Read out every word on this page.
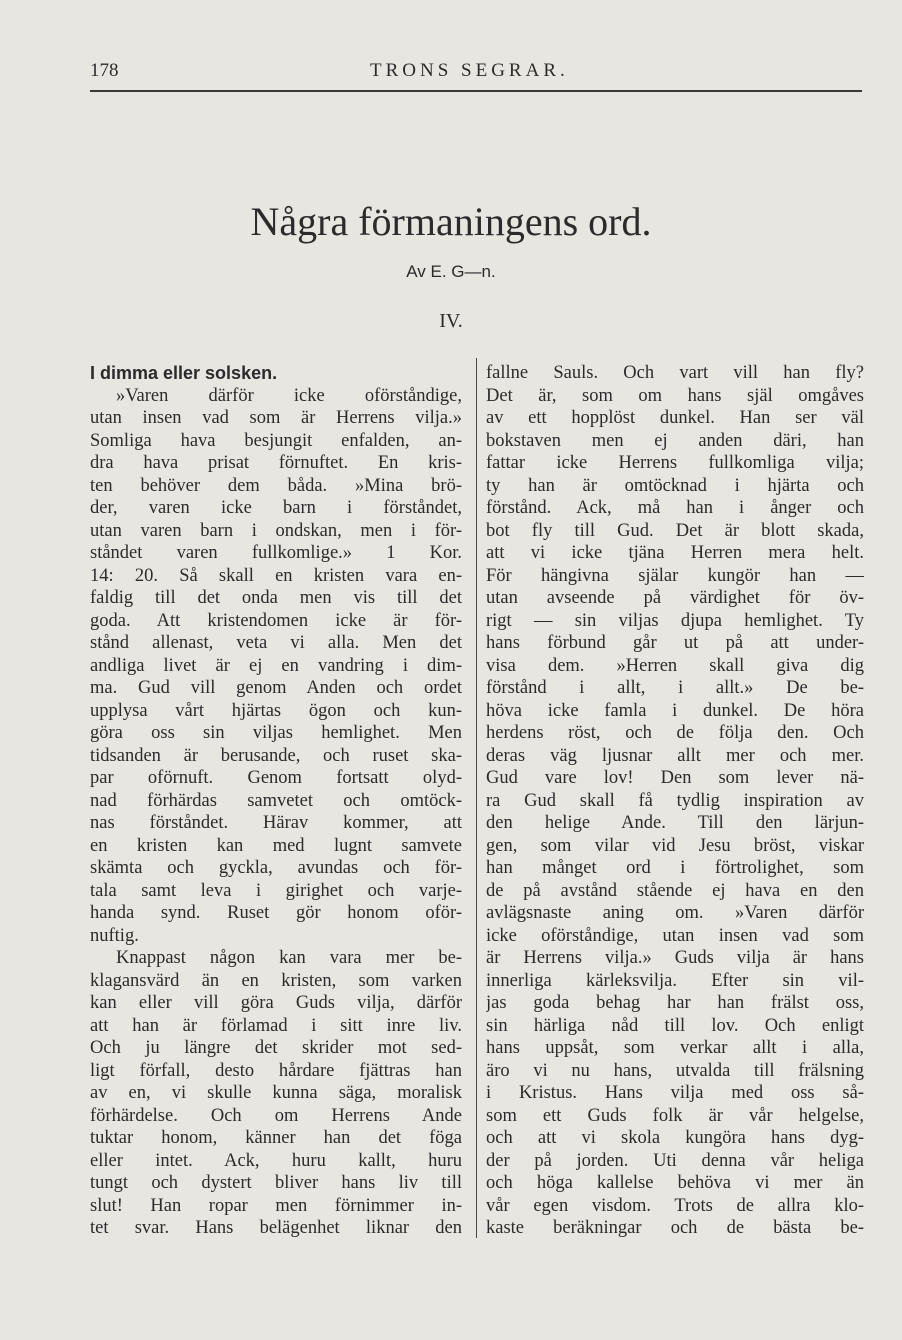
178	TRONS SEGRAR.
Några förmaningens ord.
Av E. G—n.
IV.
I dimma eller solsken.
»Varen därför icke oförståndige,
utan insen vad som är Herrens vilja.»
Somliga hava besjungit enfalden, an-
dra hava prisat förnuftet. En kris-
ten behöver dem båda. »Mina brö-
der, varen icke barn i förståndet,
utan varen barn i ondskan, men i för-
ståndet varen fullkomlige.» 1 Kor.
14: 20. Så skall en kristen vara en-
faldig till det onda men vis till det
goda. Att kristendomen icke är för-
stånd allenast, veta vi alla. Men det
andliga livet är ej en vandring i dim-
ma. Gud vill genom Anden och ordet
upplysa vårt hjärtas ögon och kun-
göra oss sin viljas hemlighet. Men
tidsanden är berusande, och ruset ska-
par oförnuft. Genom fortsatt olyd-
nad förhärdas samvetet och omtöck-
nas förståndet. Härav kommer, att
en kristen kan med lugnt samvete
skämta och gyckla, avundas och för-
tala samt leva i girighet och varje-
handa synd. Ruset gör honom oför-
nuftig.
Knappast någon kan vara mer be-
klagansvärd än en kristen, som varken
kan eller vill göra Guds vilja, därför
att han är förlamad i sitt inre liv.
Och ju längre det skrider mot sed-
ligt förfall, desto hårdare fjättras han
av en, vi skulle kunna säga, moralisk
förhärdelse. Och om Herrens Ande
tuktar honom, känner han det föga
eller intet. Ack, huru kallt, huru
tungt och dystert bliver hans liv till
slut! Han ropar men förnimmer in-
tet svar. Hans belägenhet liknar den
fallne Sauls. Och vart vill han fly?
Det är, som om hans själ omgåves
av ett hopplöst dunkel. Han ser väl
bokstaven men ej anden däri, han
fattar icke Herrens fullkomliga vilja;
ty han är omtöcknad i hjärta och
förstånd. Ack, må han i ånger och
bot fly till Gud. Det är blott skada,
att vi icke tjäna Herren mera helt.
För hängivna själar kungör han —
utan avseende på värdighet för öv-
rigt — sin viljas djupa hemlighet. Ty
hans förbund går ut på att under-
visa dem. »Herren skall giva dig
förstånd i allt, i allt.» De be-
höva icke famla i dunkel. De höra
herdens röst, och de följa den. Och
deras väg ljusnar allt mer och mer.
Gud vare lov! Den som lever nä-
ra Gud skall få tydlig inspiration av
den helige Ande. Till den lärjun-
gen, som vilar vid Jesu bröst, viskar
han månget ord i förtrolighet, som
de på avstånd stående ej hava en den
avlägsnaste aning om. »Varen därför
icke oförståndige, utan insen vad som
är Herrens vilja.» Guds vilja är hans
innerliga kärleksvilja. Efter sin vil-
jas goda behag har han frälst oss,
sin härliga nåd till lov. Och enligt
hans uppsåt, som verkar allt i alla,
äro vi nu hans, utvalda till frälsning
i Kristus. Hans vilja med oss så-
som ett Guds folk är vår helgelse,
och att vi skola kungöra hans dyg-
der på jorden. Uti denna vår heliga
och höga kallelse behöva vi mer än
vår egen visdom. Trots de allra klo-
kaste beräkningar och de bästa be-
